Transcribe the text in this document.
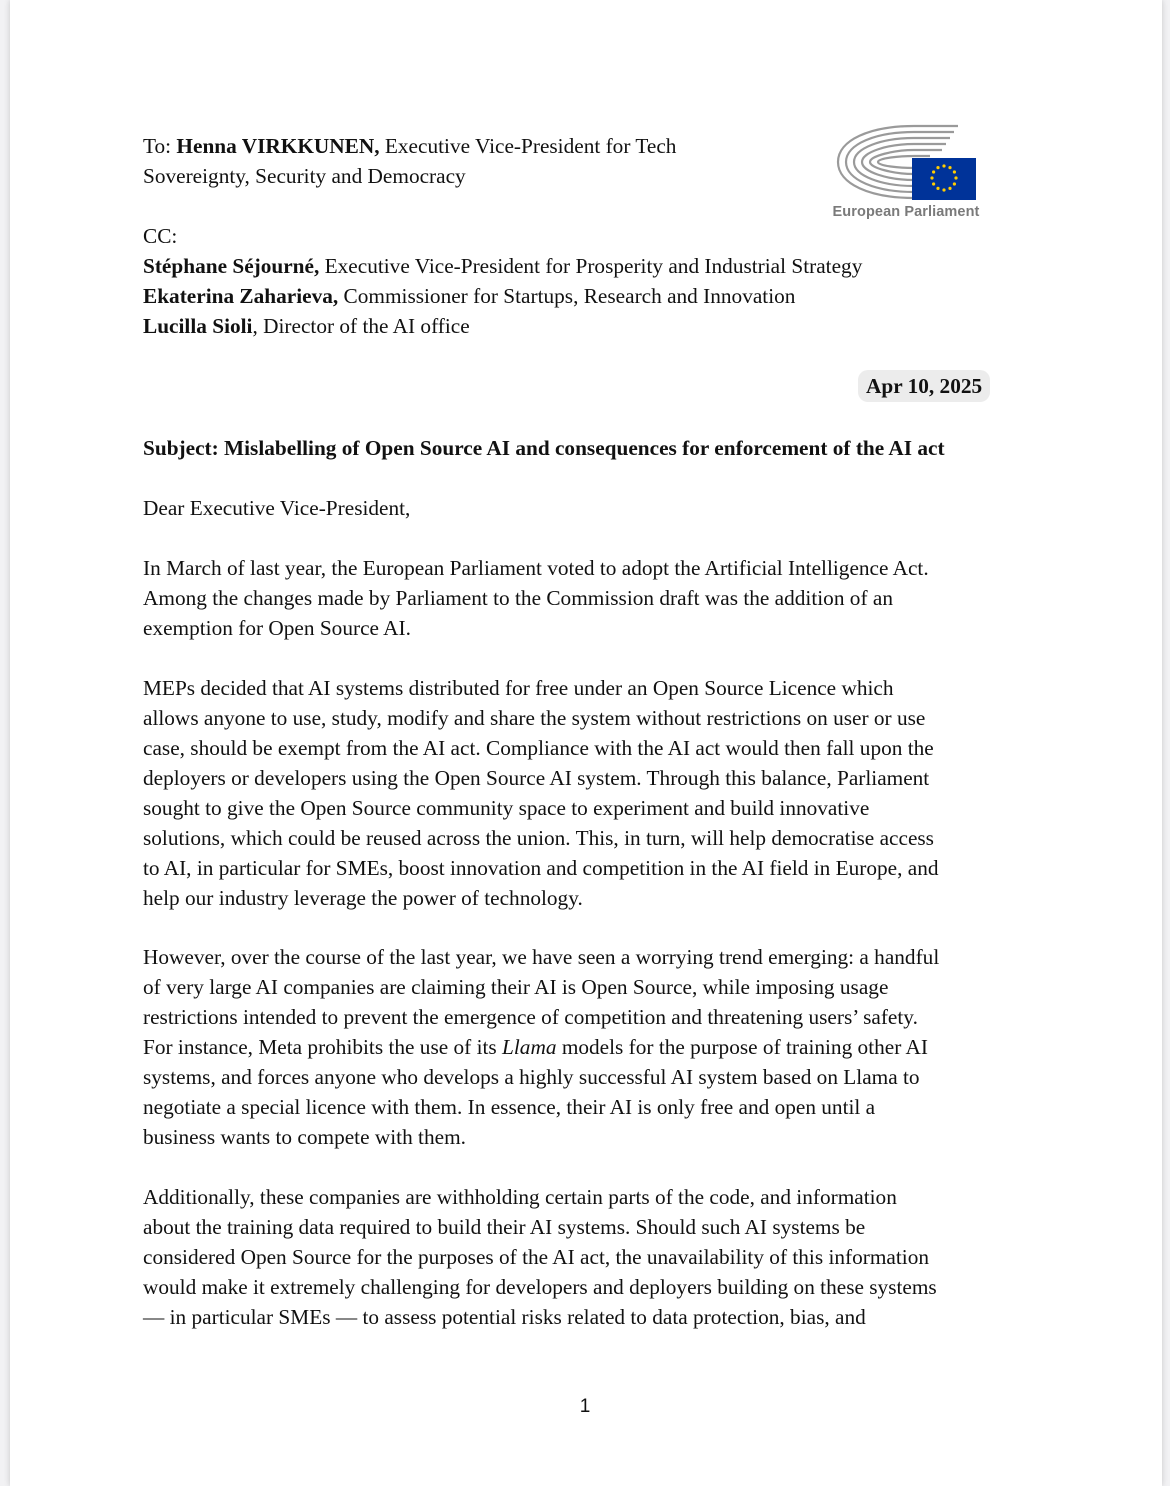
European Parliament
Apr 10, 2025
To: Henna VIRKKUNEN, Executive Vice-President for Tech
Sovereignty, Security and Democracy
CC:
Stéphane Séjourné, Executive Vice-President for Prosperity and Industrial Strategy
Ekaterina Zaharieva, Commissioner for Startups, Research and Innovation
Lucilla Sioli, Director of the AI office
Subject: Mislabelling of Open Source AI and consequences for enforcement of the AI act
Dear Executive Vice-President,
In March of last year, the European Parliament voted to adopt the Artificial Intelligence Act.
Among the changes made by Parliament to the Commission draft was the addition of an
exemption for Open Source AI.
MEPs decided that AI systems distributed for free under an Open Source Licence which
allows anyone to use, study, modify and share the system without restrictions on user or use
case, should be exempt from the AI act. Compliance with the AI act would then fall upon the
deployers or developers using the Open Source AI system. Through this balance, Parliament
sought to give the Open Source community space to experiment and build innovative
solutions, which could be reused across the union. This, in turn, will help democratise access
to AI, in particular for SMEs, boost innovation and competition in the AI field in Europe, and
help our industry leverage the power of technology.
However, over the course of the last year, we have seen a worrying trend emerging: a handful
of very large AI companies are claiming their AI is Open Source, while imposing usage
restrictions intended to prevent the emergence of competition and threatening users’ safety.
For instance, Meta prohibits the use of its Llama models for the purpose of training other AI
systems, and forces anyone who develops a highly successful AI system based on Llama to
negotiate a special licence with them. In essence, their AI is only free and open until a
business wants to compete with them.
Additionally, these companies are withholding certain parts of the code, and information
about the training data required to build their AI systems. Should such AI systems be
considered Open Source for the purposes of the AI act, the unavailability of this information
would make it extremely challenging for developers and deployers building on these systems
— in particular SMEs — to assess potential risks related to data protection, bias, and
1
